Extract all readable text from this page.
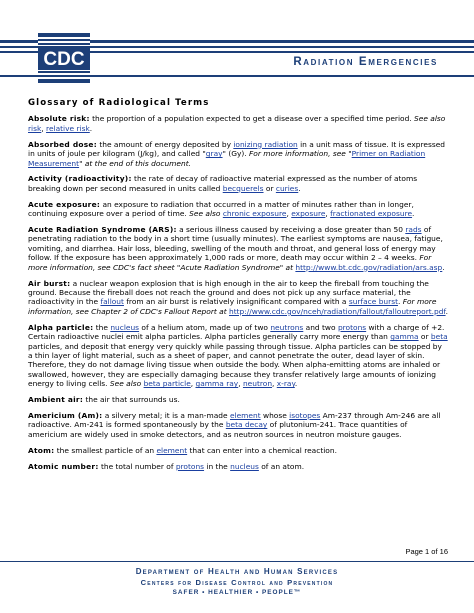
CDC	Radiation Emergencies
Glossary of Radiological Terms
Absolute risk: the proportion of a population expected to get a disease over a specified time period. See also risk, relative risk.
Absorbed dose: the amount of energy deposited by ionizing radiation in a unit mass of tissue. It is expressed in units of joule per kilogram (J/kg), and called "gray" (Gy). For more information, see "Primer on Radiation Measurement" at the end of this document.
Activity (radioactivity): the rate of decay of radioactive material expressed as the number of atoms breaking down per second measured in units called becquerels or curies.
Acute exposure: an exposure to radiation that occurred in a matter of minutes rather than in longer, continuing exposure over a period of time. See also chronic exposure, exposure, fractionated exposure.
Acute Radiation Syndrome (ARS): a serious illness caused by receiving a dose greater than 50 rads of penetrating radiation to the body in a short time (usually minutes). The earliest symptoms are nausea, fatigue, vomiting, and diarrhea. Hair loss, bleeding, swelling of the mouth and throat, and general loss of energy may follow. If the exposure has been approximately 1,000 rads or more, death may occur within 2 – 4 weeks. For more information, see CDC's fact sheet "Acute Radiation Syndrome" at http://www.bt.cdc.gov/radiation/ars.asp.
Air burst: a nuclear weapon explosion that is high enough in the air to keep the fireball from touching the ground. Because the fireball does not reach the ground and does not pick up any surface material, the radioactivity in the fallout from an air burst is relatively insignificant compared with a surface burst. For more information, see Chapter 2 of CDC's Fallout Report at http://www.cdc.gov/nceh/radiation/fallout/falloutreport.pdf.
Alpha particle: the nucleus of a helium atom, made up of two neutrons and two protons with a charge of +2. Certain radioactive nuclei emit alpha particles. Alpha particles generally carry more energy than gamma or beta particles, and deposit that energy very quickly while passing through tissue. Alpha particles can be stopped by a thin layer of light material, such as a sheet of paper, and cannot penetrate the outer, dead layer of skin. Therefore, they do not damage living tissue when outside the body. When alpha-emitting atoms are inhaled or swallowed, however, they are especially damaging because they transfer relatively large amounts of ionizing energy to living cells. See also beta particle, gamma ray, neutron, x-ray.
Ambient air: the air that surrounds us.
Americium (Am): a silvery metal; it is a man-made element whose isotopes Am-237 through Am-246 are all radioactive. Am-241 is formed spontaneously by the beta decay of plutonium-241. Trace quantities of americium are widely used in smoke detectors, and as neutron sources in neutron moisture gauges.
Atom: the smallest particle of an element that can enter into a chemical reaction.
Atomic number: the total number of protons in the nucleus of an atom.
Page 1 of 16
Department of Health and Human Services
Centers for Disease Control and Prevention
SAFER • HEALTHIER • PEOPLE™
